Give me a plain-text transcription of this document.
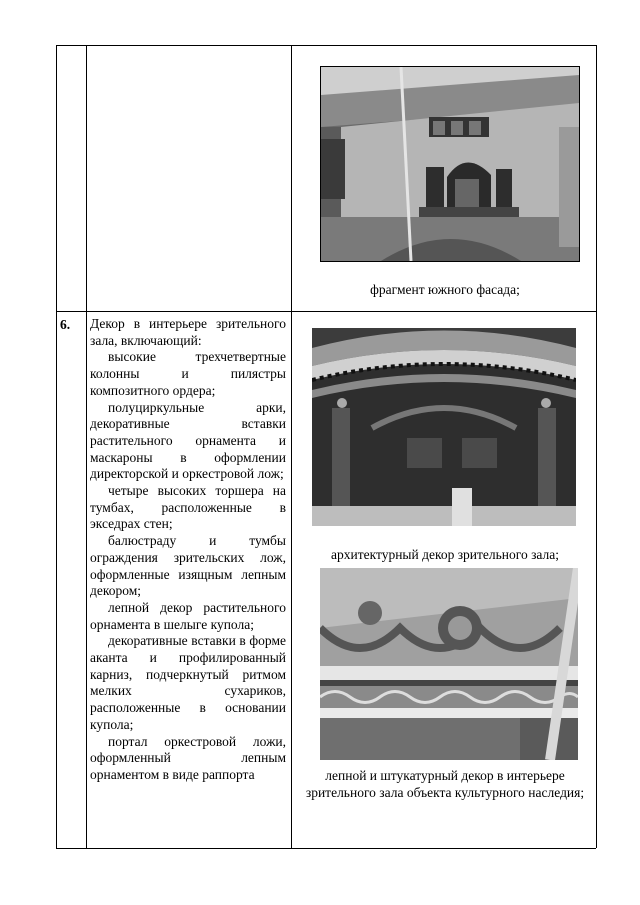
фрагмент южного фасада;
6. Декор в интерьере зрительного зала, включающий:

высокие трехчетвертные колонны и пилястры композитного ордера;

полуциркульные арки, декоративные вставки растительного орнамента и маскароны в оформлении директорской и оркестровой лож;

четыре высоких торшера на тумбах, расположенные в экседрах стен;

балюстраду и тумбы ограждения зрительских лож, оформленные изящным лепным декором;

лепной декор растительного орнамента в шелыге купола;

декоративные вставки в форме аканта и профилированный карниз, подчеркнутый ритмом мелких сухариков, расположенные в основании купола;

портал оркестровой ложи, оформленный лепным орнаментом в виде раппорта

архитектурный декор зрительного зала;
лепной и штукатурный декор в интерьере зрительного зала объекта культурного наследия;
